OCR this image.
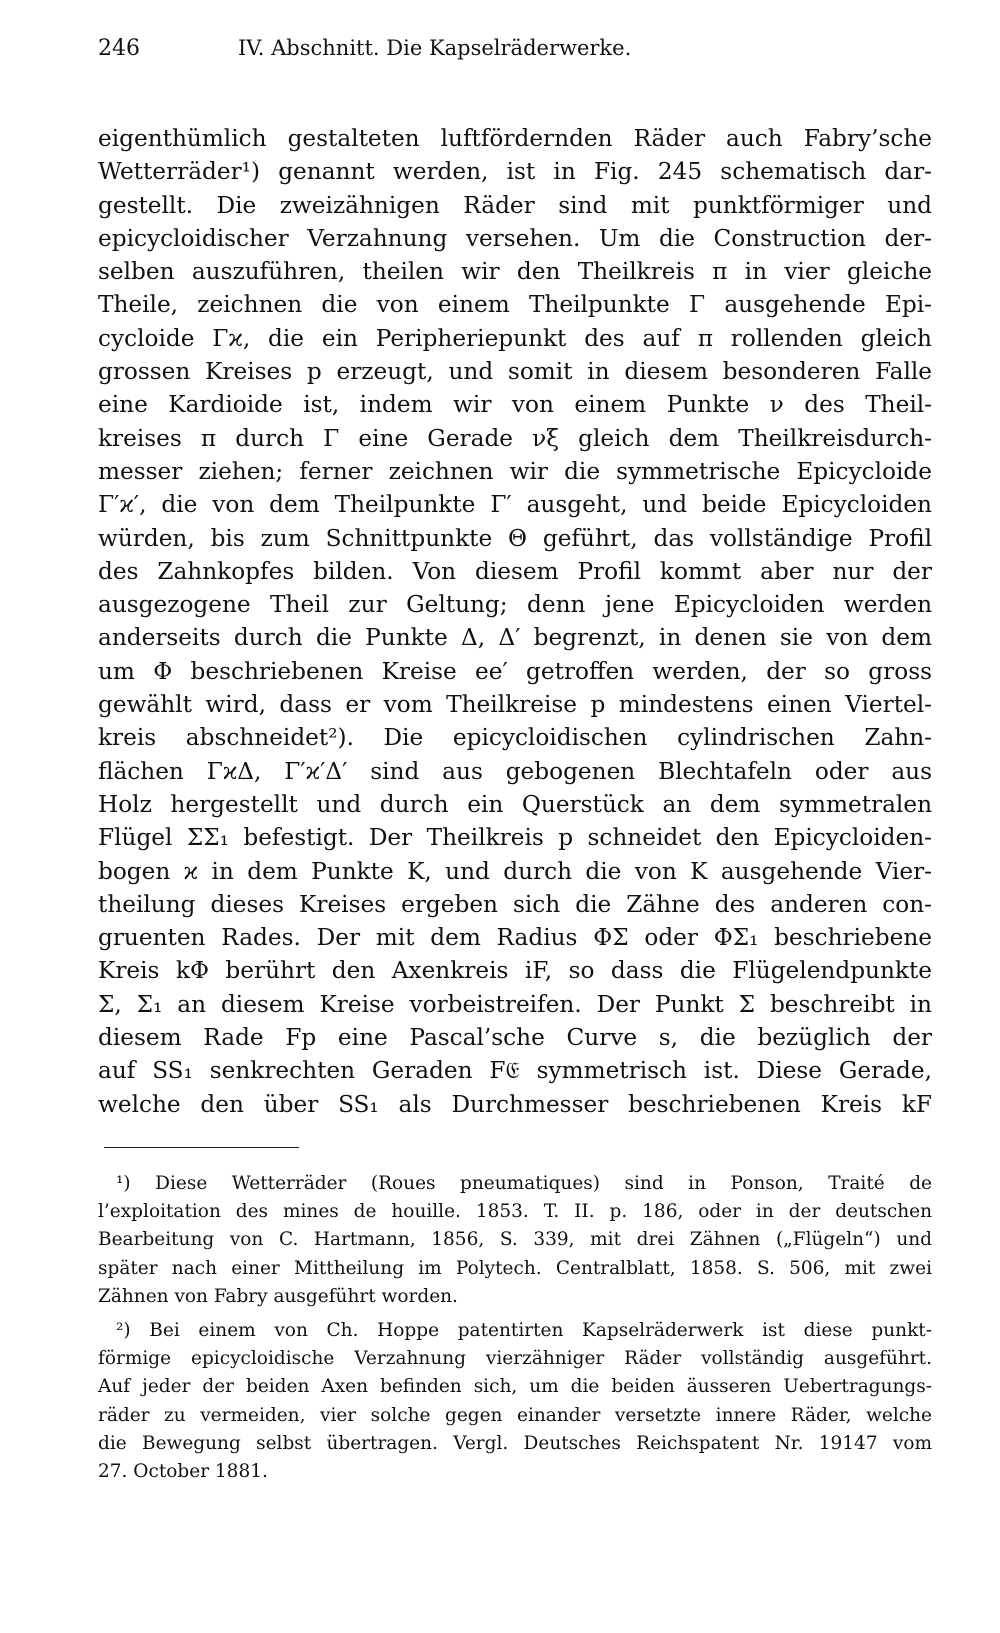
246	IV. Abschnitt. Die Kapselräderwerke.
eigenthümlich gestalteten luftfördernden Räder auch Fabry’sche
Wetterräder¹) genannt werden, ist in Fig. 245 schematisch dar-
gestellt. Die zweizähnigen Räder sind mit punktförmiger und
epicycloidischer Verzahnung versehen. Um die Construction der-
selben auszuführen, theilen wir den Theilkreis π in vier gleiche
Theile, zeichnen die von einem Theilpunkte Γ ausgehende Epi-
cycloide Γϰ, die ein Peripheriepunkt des auf π rollenden gleich
grossen Kreises p erzeugt, und somit in diesem besonderen Falle
eine Kardioide ist, indem wir von einem Punkte ν des Theil-
kreises π durch Γ eine Gerade νξ gleich dem Theilkreisdurch-
messer ziehen; ferner zeichnen wir die symmetrische Epicycloide
Γ′ϰ′, die von dem Theilpunkte Γ′ ausgeht, und beide Epicycloiden
würden, bis zum Schnittpunkte Θ geführt, das vollständige Profil
des Zahnkopfes bilden. Von diesem Profil kommt aber nur der
ausgezogene Theil zur Geltung; denn jene Epicycloiden werden
anderseits durch die Punkte Δ, Δ′ begrenzt, in denen sie von dem
um Φ beschriebenen Kreise ee′ getroffen werden, der so gross
gewählt wird, dass er vom Theilkreise p mindestens einen Viertel-
kreis abschneidet²). Die epicycloidischen cylindrischen Zahn-
flächen ΓϰΔ, Γ′ϰ′Δ′ sind aus gebogenen Blechtafeln oder aus
Holz hergestellt und durch ein Querstück an dem symmetralen
Flügel ΣΣ₁ befestigt. Der Theilkreis p schneidet den Epicycloiden-
bogen ϰ in dem Punkte K, und durch die von K ausgehende Vier-
theilung dieses Kreises ergeben sich die Zähne des anderen con-
gruenten Rades. Der mit dem Radius ΦΣ oder ΦΣ₁ beschriebene
Kreis kΦ berührt den Axenkreis iF, so dass die Flügelendpunkte
Σ, Σ₁ an diesem Kreise vorbeistreifen. Der Punkt Σ beschreibt in
diesem Rade Fp eine Pascal’sche Curve s, die bezüglich der
auf SS₁ senkrechten Geraden F𝔈 symmetrisch ist. Diese Gerade,
welche den über SS₁ als Durchmesser beschriebenen Kreis kF
¹) Diese Wetterräder (Roues pneumatiques) sind in Ponson, Traité de
l’exploitation des mines de houille. 1853. T. II. p. 186, oder in der deutschen
Bearbeitung von C. Hartmann, 1856, S. 339, mit drei Zähnen („Flügeln“) und
später nach einer Mittheilung im Polytech. Centralblatt, 1858. S. 506, mit zwei
Zähnen von Fabry ausgeführt worden.
²) Bei einem von Ch. Hoppe patentirten Kapselräderwerk ist diese punkt-
förmige epicycloidische Verzahnung vierzähniger Räder vollständig ausgeführt.
Auf jeder der beiden Axen befinden sich, um die beiden äusseren Uebertragungs-
räder zu vermeiden, vier solche gegen einander versetzte innere Räder, welche
die Bewegung selbst übertragen. Vergl. Deutsches Reichspatent Nr. 19147 vom
27. October 1881.
